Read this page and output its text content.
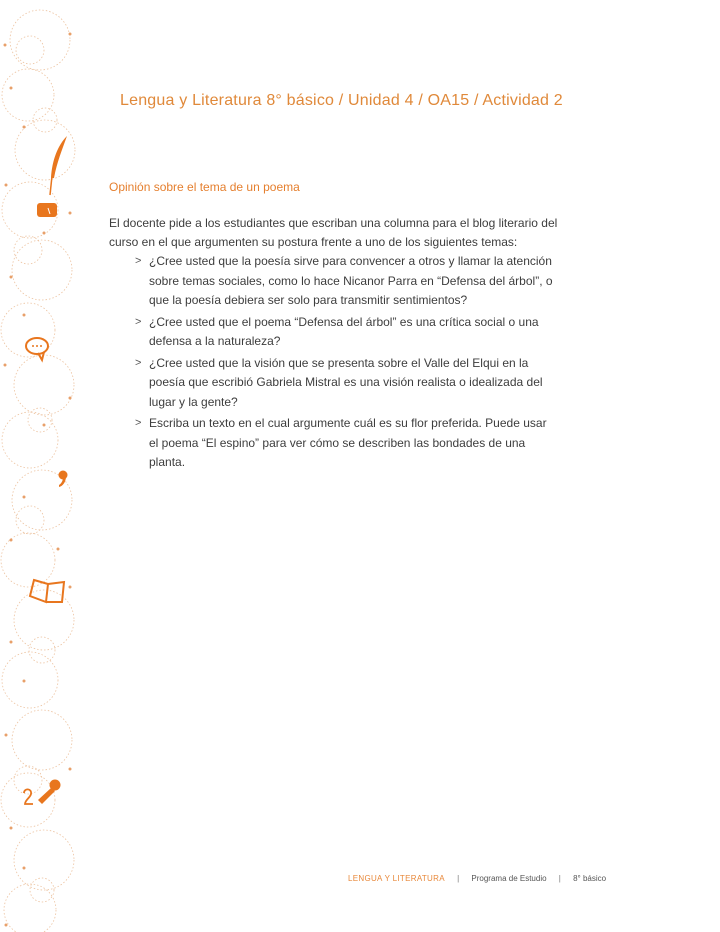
Lengua y Literatura 8° básico / Unidad 4 / OA15 / Actividad 2
Opinión sobre el tema de un poema
El docente pide a los estudiantes que escriban una columna para el blog literario del curso en el que argumenten su postura frente a uno de los siguientes temas:
> ¿Cree usted que la poesía sirve para convencer a otros y llamar la atención sobre temas sociales, como lo hace Nicanor Parra en “Defensa del árbol”, o que la poesía debiera ser solo para transmitir sentimientos?
> ¿Cree usted que el poema “Defensa del árbol” es una crítica social o una defensa a la naturaleza?
> ¿Cree usted que la visión que se presenta sobre el Valle del Elqui en la poesía que escribió Gabriela Mistral es una visión realista o idealizada del lugar y la gente?
> Escriba un texto en el cual argumente cuál es su flor preferida. Puede usar el poema “El espino” para ver cómo se describen las bondades de una planta.
LENGUA Y LITERATURA | Programa de Estudio | 8° básico
